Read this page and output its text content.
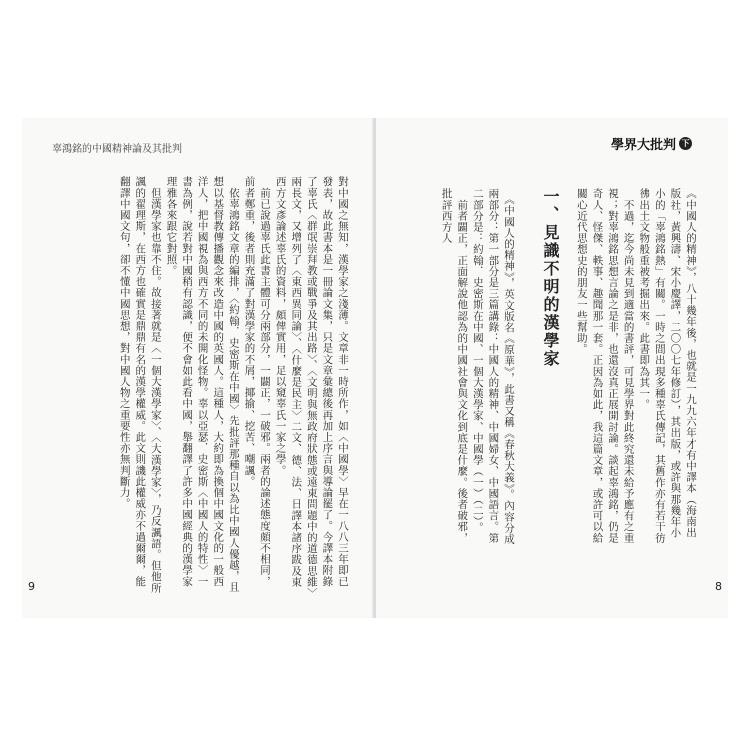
辜鴻銘的中國精神論及其批判
對中國之無知，漢學家之淺薄。文章非一時所作，如〈中國學〉早在一八八三年即已發表，故此書本是一冊論文集，只是文章彙總後再加上序言與導論罷了。今譯本附錄了辜氏〈群氓崇拜教或戰爭及其出路〉、〈文明與無政府狀態或遠東問題中的道德思維〉兩長文，又增列了〈東西異同論〉、〈什麼是民主〉二文、德、法、日譯本諸序跋及東西方文彥論述辜氏的資料，頗俾實用，足以窺辜氏一家之學。
　前已說過辜氏此書主體可分兩部分，一闢正，一破邪。兩者的論述態度頗不相同，前者鄭重，後者則充滿了對漢學家的不屑，揶揄、挖苦、嘲諷。
　依辜鴻銘文章的編排，〈約翰．史密斯在中國〉先批評那種自以為比中國人優越，且想以基督教傳播觀念來改造中國的英國人。這種人，大約即為換個中國文化的一般西洋人，把中國視為與西方不同的未開化怪物。辜以亞瑟．史密斯〈中國人的特性〉一書為例，說若對中國稍有認識，便不會如此看中國，舉翻譯了許多中國經典的漢學家理雅各來跟它對照。
　但漢學家也靠不住。故接著就是〈一個大漢學家〉、〈大漢學家〉，乃反諷語。但他所諷的翟理斯，在西方也確實是鼎鼎有名的漢學權威。此文則譏此權威亦不過爾爾，能翻譯中國文句，卻不懂中國思想，對中國人物之重要性亦無判斷力。
9
學界大批判 下
《中國人的精神》，八十幾年後，也就是一九九六年才有中譯本（海南出版社，黃興濤、宋小慶譯，二〇〇七年修訂），其出版，或許與那幾年小小的「辜鴻銘熱」有關。一時之間出現多種辜氏傳記，其舊作亦有若干彷彿出土文物般重被考掘出來。此書即為其一。
　不過，迄今尚未見到適當的書評，可見學界對此終究還未給予應有之重視；對辜鴻銘思想言論之是非，也還沒真正展開討論。談起辜鴻銘，仍是奇人、怪傑、軼事、趣聞那一套。正因為如此，我這篇文章，或許可以給關心近代思想史的朋友一些幫助。
一、見識不明的漢學家
　《中國人的精神》，英文版名《原華》，此書又稱《春秋大義》。內容分成兩部分：第一部分是三篇講錄：中國人的精神、中國婦女、中國語言。第二部分是：約翰．史密斯在中國、一個大漢學家、中國學（一）（二）。
　前者闢正，正面解說他認為的中國社會與文化到底是什麼。後者破邪，批評西方人
8
